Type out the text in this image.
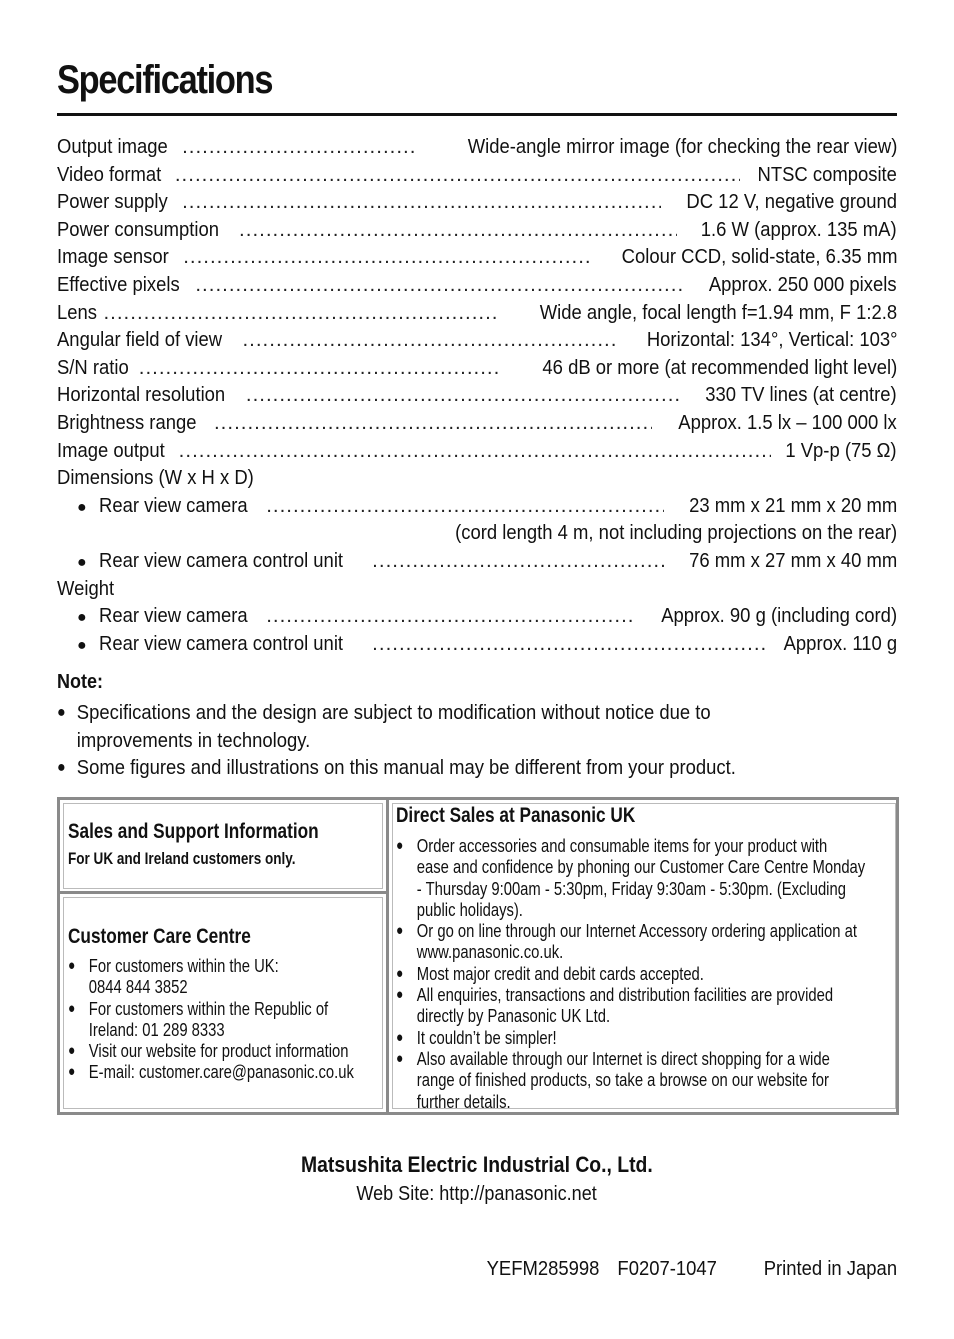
Specifications
Output image .....	Wide-angle mirror image (for checking the rear view)
Video format .....	NTSC composite
Power supply .....	DC 12 V, negative ground
Power consumption .....	1.6 W (approx. 135 mA)
Image sensor .....	Colour CCD, solid-state, 6.35 mm
Effective pixels .....	Approx. 250 000 pixels
Lens .....	Wide angle, focal length f=1.94 mm, F 1:2.8
Angular field of view .....	Horizontal: 134°, Vertical: 103°
S/N ratio .....	46 dB or more (at recommended light level)
Horizontal resolution .....	330 TV lines (at centre)
Brightness range .....	Approx. 1.5 lx – 100 000 lx
Image output .....	1 Vp-p (75 Ω)
Dimensions (W x H x D)
● Rear view camera .....	23 mm x 21 mm x 20 mm
(cord length 4 m, not including projections on the rear)
● Rear view camera control unit .....	76 mm x 27 mm x 40 mm
Weight
● Rear view camera .....	Approx. 90 g (including cord)
● Rear view camera control unit .....	Approx. 110 g
Note:
● Specifications and the design are subject to modification without notice due to improvements in technology.
● Some figures and illustrations on this manual may be different from your product.
Sales and Support Information
For UK and Ireland customers only.
Customer Care Centre
● For customers within the UK:
0844 844 3852
● For customers within the Republic of
Ireland: 01 289 8333
● Visit our website for product information
● E-mail: customer.care@panasonic.co.uk
Direct Sales at Panasonic UK
● Order accessories and consumable items for your product with
ease and confidence by phoning our Customer Care Centre Monday
- Thursday 9:00am - 5:30pm, Friday 9:30am - 5:30pm. (Excluding
public holidays).
● Or go on line through our Internet Accessory ordering application at
www.panasonic.co.uk.
● Most major credit and debit cards accepted.
● All enquiries, transactions and distribution facilities are provided
directly by Panasonic UK Ltd.
● It couldn’t be simpler!
● Also available through our Internet is direct shopping for a wide
range of finished products, so take a browse on our website for
further details.
Matsushita Electric Industrial Co., Ltd.
Web Site: http://panasonic.net
YEFM285998 F0207-1047 Printed in Japan
